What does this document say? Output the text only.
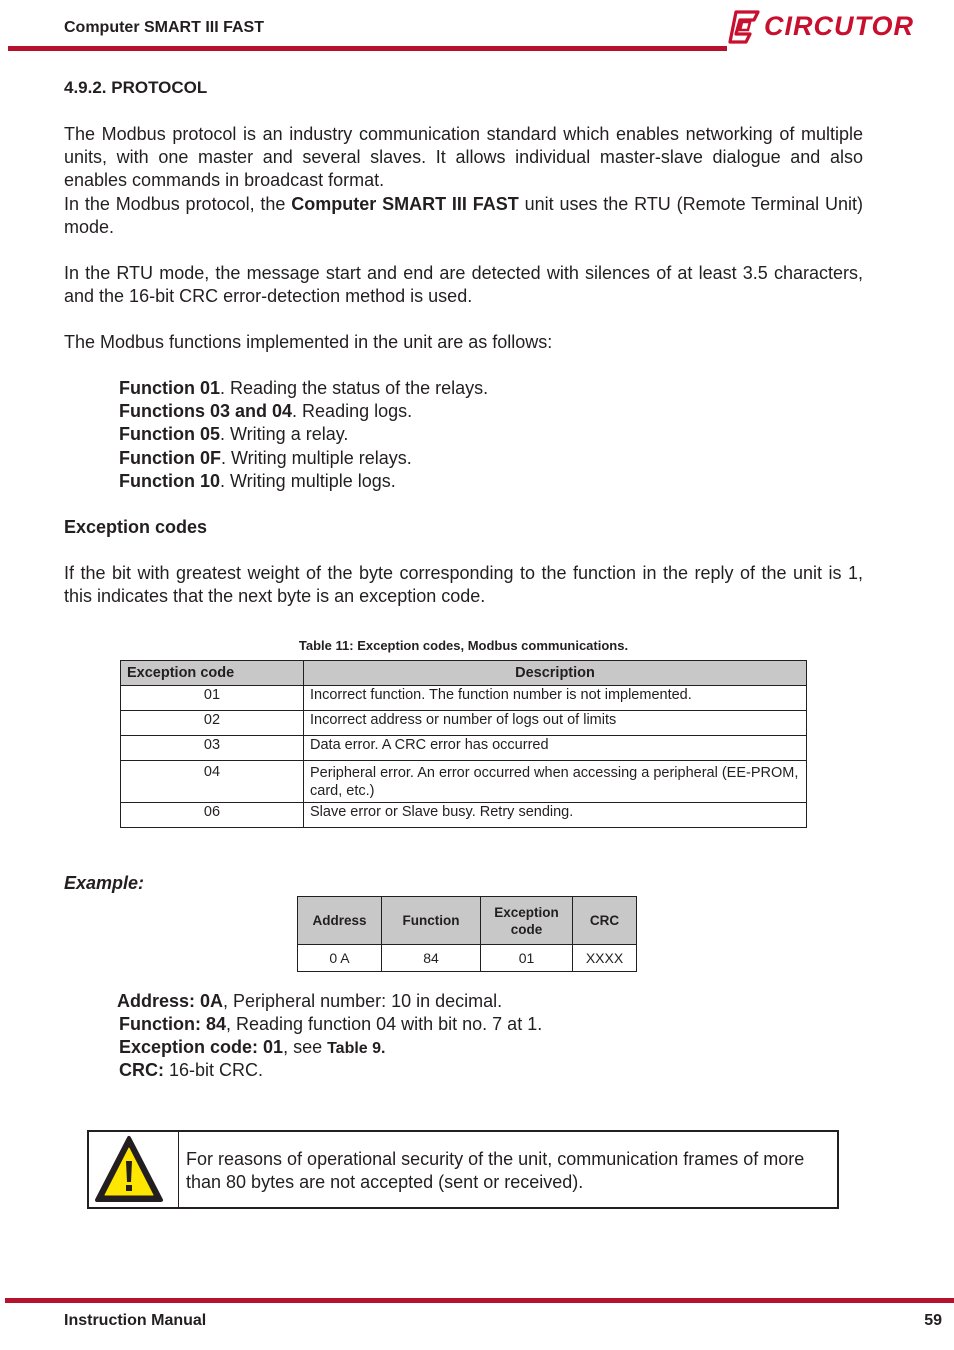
Computer SMART III FAST	CIRCUTOR
4.9.2. PROTOCOL
The Modbus protocol is an industry communication standard which enables networking of multiple units, with one master and several slaves. It allows individual master-slave dialogue and also enables commands in broadcast format.
In the Modbus protocol, the Computer SMART III FAST unit uses the RTU (Remote Terminal Unit) mode.
In the RTU mode, the message start and end are detected with silences of at least 3.5 characters, and the 16-bit CRC error-detection method is used.
The Modbus functions implemented in the unit are as follows:
Function 01. Reading the status of the relays.
Functions 03 and 04. Reading logs.
Function 05. Writing a relay.
Function 0F. Writing multiple relays.
Function 10. Writing multiple logs.
Exception codes
If the bit with greatest weight of the byte corresponding to the function in the reply of the unit is 1, this indicates that the next byte is an exception code.
Table 11: Exception codes, Modbus communications.
Exception code	Description
01	Incorrect function. The function number is not implemented.
02	Incorrect address or number of logs out of limits
03	Data error. A CRC error has occurred
04	Peripheral error. An error occurred when accessing a peripheral (EE-PROM, card, etc.)
06	Slave error or Slave busy. Retry sending.
Example:
Address	Function	Exception code	CRC
0 A	84	01	XXXX
Address: 0A, Peripheral number: 10 in decimal.
Function: 84, Reading function 04 with bit no. 7 at 1.
Exception code: 01, see Table 9.
CRC: 16-bit CRC.
For reasons of operational security of the unit, communication frames of more than 80 bytes are not accepted (sent or received).
Instruction Manual	59
